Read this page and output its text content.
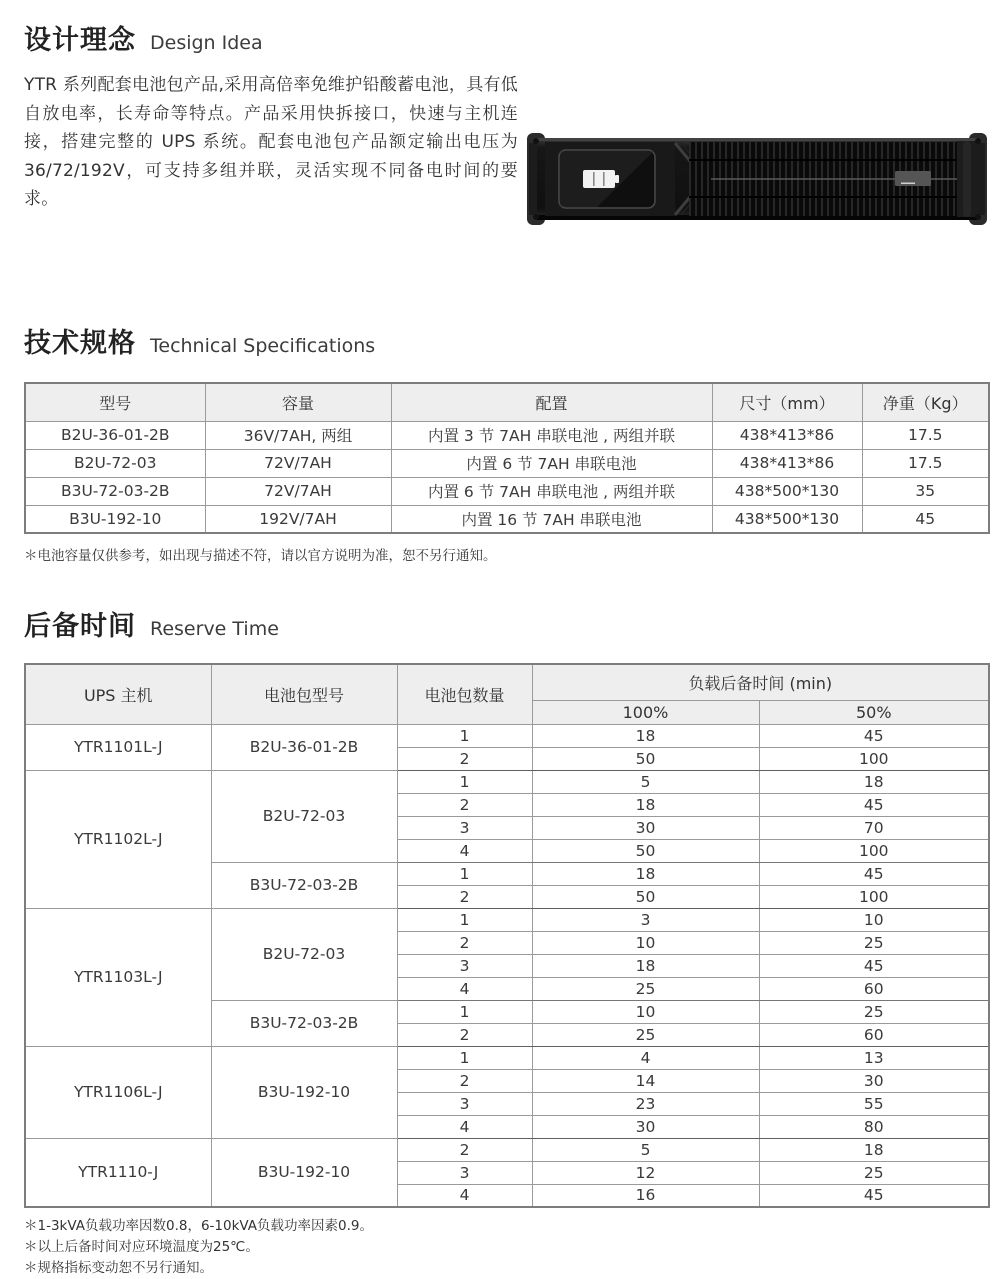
设计理念 Design Idea

YTR 系列配套电池包产品,采用高倍率免维护铅酸蓄电池，具有低自放电率，长寿命等特点。产品采用快拆接口，快速与主机连接，搭建完整的 UPS 系统。配套电池包产品额定输出电压为 36/72/192V，可支持多组并联，灵活实现不同备电时间的要求。

技术规格 Technical Specifications
型号	容量	配置	尺寸（mm）	净重（Kg）
B2U-36-01-2B	36V/7AH, 两组	内置 3 节 7AH 串联电池 , 两组并联	438*413*86	17.5
B2U-72-03	72V/7AH	内置 6 节 7AH 串联电池	438*413*86	17.5
B3U-72-03-2B	72V/7AH	内置 6 节 7AH 串联电池 , 两组并联	438*500*130	35
B3U-192-10	192V/7AH	内置 16 节 7AH 串联电池	438*500*130	45

＊电池容量仅供参考，如出现与描述不符，请以官方说明为准，恕不另行通知。

后备时间 Reserve Time
UPS 主机	电池包型号	电池包数量	负载后备时间 (min)	
			100%	50%
YTR1101L-J	B2U-36-01-2B	1	18	45
		2	50	100
YTR1102L-J	B2U-72-03	1	5	18
		2	18	45
		3	30	70
		4	50	100
	B3U-72-03-2B	1	18	45
		2	50	100
YTR1103L-J	B2U-72-03	1	3	10
		2	10	25
		3	18	45
		4	25	60
	B3U-72-03-2B	1	10	25
		2	25	60
YTR1106L-J	B3U-192-10	1	4	13
		2	14	30
		3	23	55
		4	30	80
YTR1110-J	B3U-192-10	2	5	18
		3	12	25
		4	16	45
＊1-3kVA负载功率因数0.8，6-10kVA负载功率因素0.9。
＊以上后备时间对应环境温度为25℃。
＊规格指标变动恕不另行通知。
